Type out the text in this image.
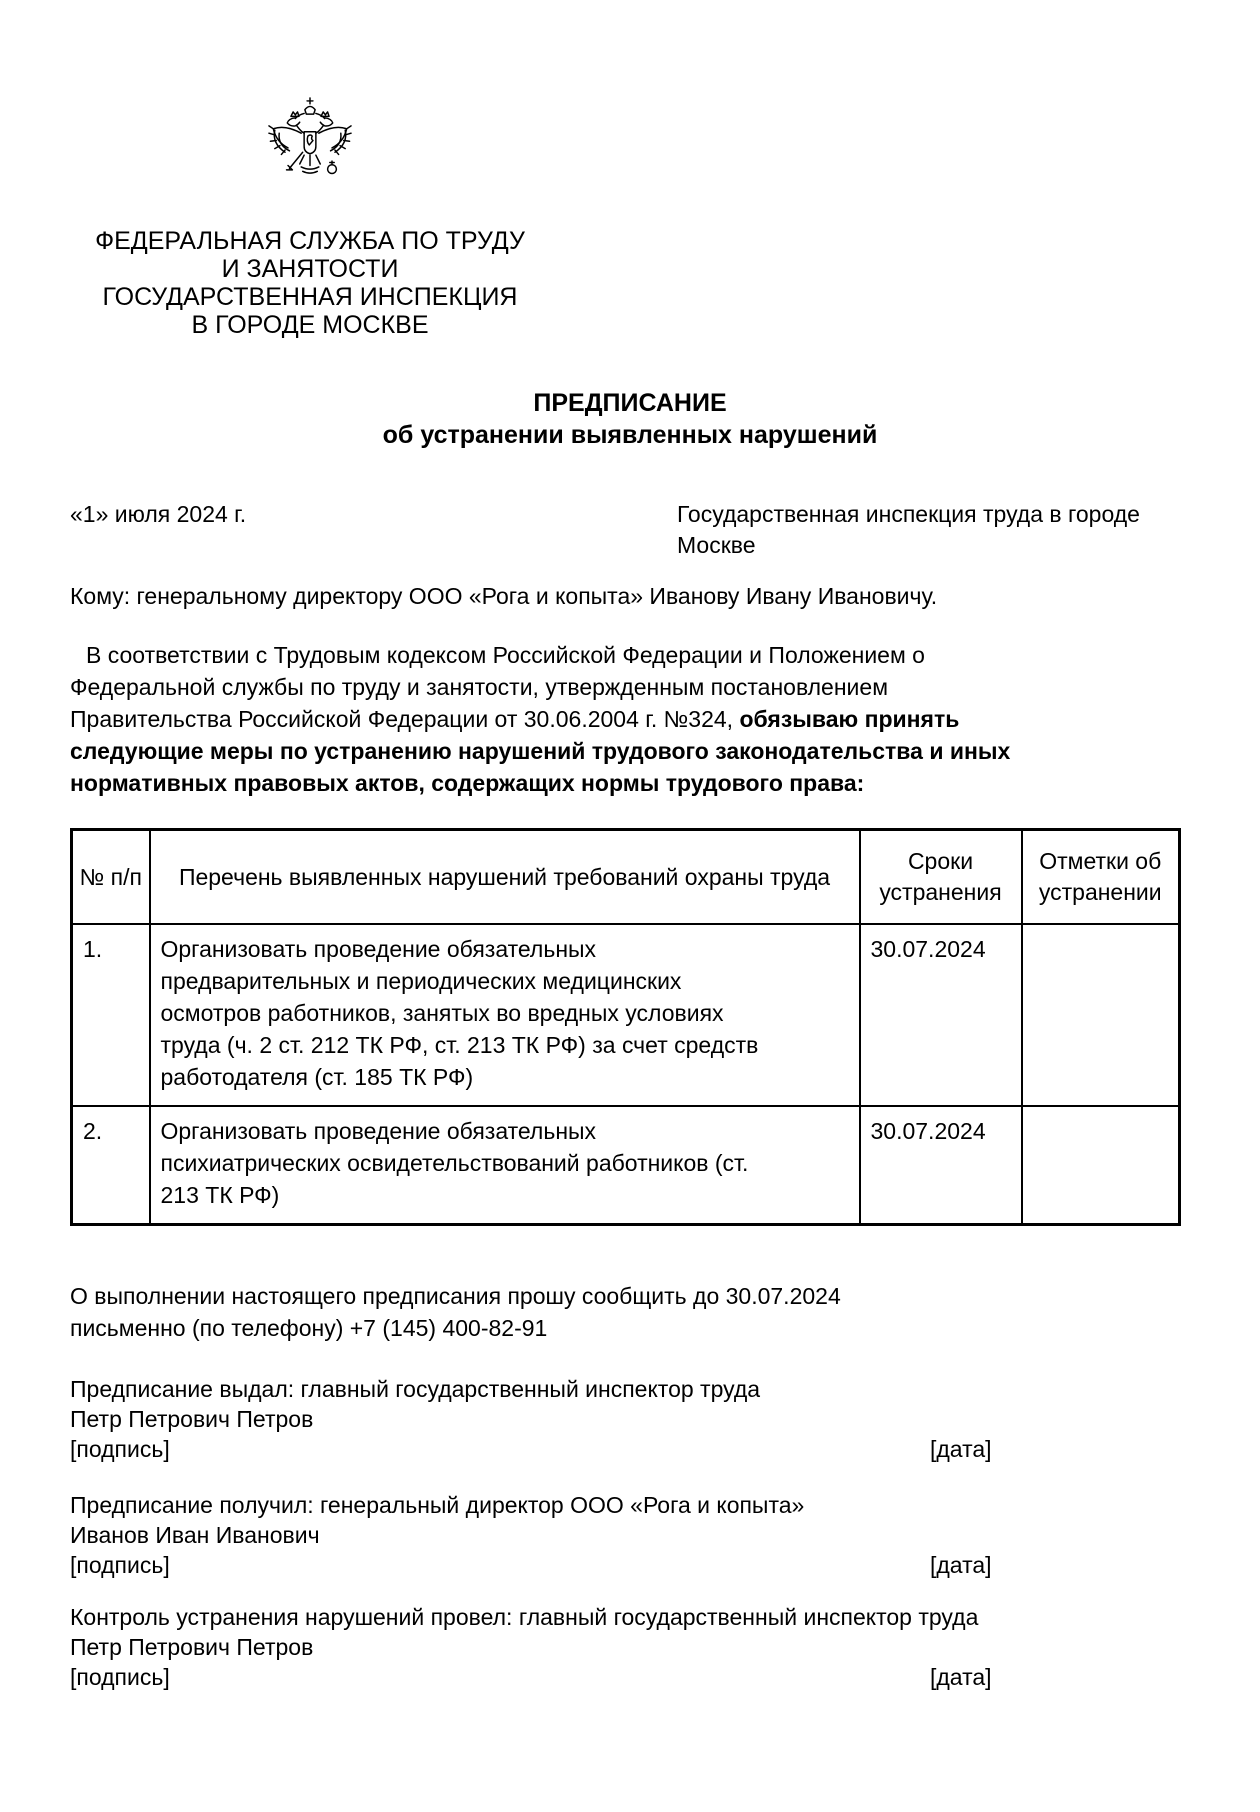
ФЕДЕРАЛЬНАЯ СЛУЖБА ПО ТРУДУ
И ЗАНЯТОСТИ
ГОСУДАРСТВЕННАЯ ИНСПЕКЦИЯ
В ГОРОДЕ МОСКВЕ
ПРЕДПИСАНИЕ
об устранении выявленных нарушений
«1» июля 2024 г.	Государственная инспекция труда в городе Москве

Кому: генеральному директору ООО «Рога и копыта» Иванову Ивану Ивановичу.

В соответствии с Трудовым кодексом Российской Федерации и Положением о Федеральной службы по труду и занятости, утвержденным постановлением Правительства Российской Федерации от 30.06.2004 г. №324, обязываю принять следующие меры по устранению нарушений трудового законодательства и иных нормативных правовых актов, содержащих нормы трудового права:

№ п/п	Перечень выявленных нарушений требований охраны труда	Сроки устранения	Отметки об устранении
1.	Организовать проведение обязательных предварительных и периодических медицинских осмотров работников, занятых во вредных условиях труда (ч. 2 ст. 212 ТК РФ, ст. 213 ТК РФ) за счет средств работодателя (ст. 185 ТК РФ)	30.07.2024	
2.	Организовать проведение обязательных психиатрических освидетельствований работников (ст. 213 ТК РФ)	30.07.2024	

О выполнении настоящего предписания прошу сообщить до 30.07.2024 письменно (по телефону) +7 (145) 400-82-91

Предписание выдал: главный государственный инспектор труда
Петр Петрович Петров
[подпись]	[дата]
Предписание получил: генеральный директор ООО «Рога и копыта»
Иванов Иван Иванович
[подпись]	[дата]
Контроль устранения нарушений провел: главный государственный инспектор труда
Петр Петрович Петров
[подпись]	[дата]
